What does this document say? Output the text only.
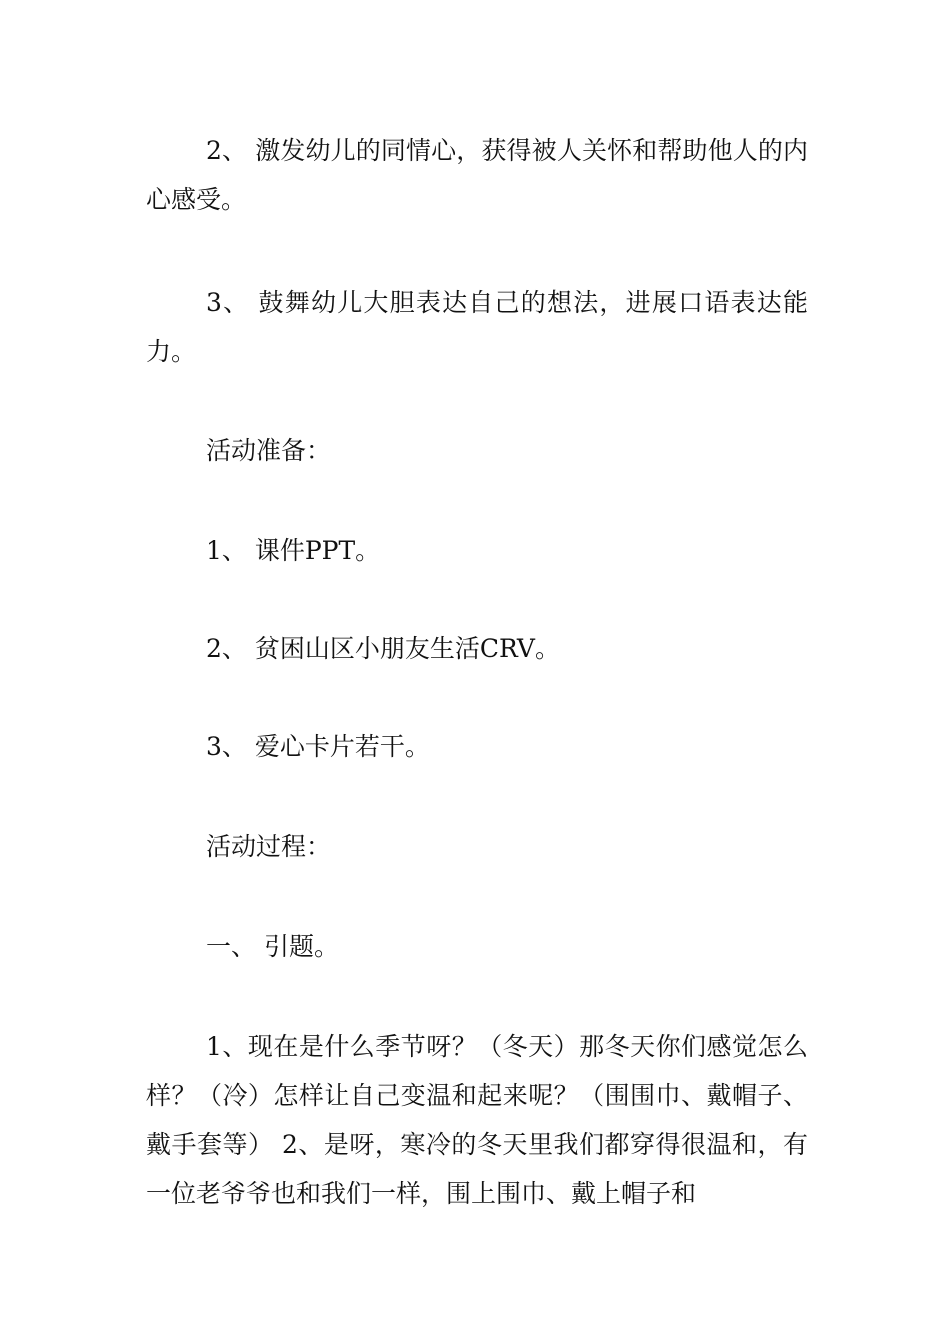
2、 激发幼儿的同情心，获得被人关怀和帮助他人的内心感受。

3、 鼓舞幼儿大胆表达自己的想法，进展口语表达能力。

活动准备：

1、 课件PPT。

2、 贫困山区小朋友生活CRV。

3、 爱心卡片若干。

活动过程：

一、 引题。

1、现在是什么季节呀？（冬天）那冬天你们感觉怎么样？（冷）怎样让自己变温和起来呢？（围围巾、戴帽子、戴手套等） 2、是呀，寒冷的冬天里我们都穿得很温和，有一位老爷爷也和我们一样，围上围巾、戴上帽子和
